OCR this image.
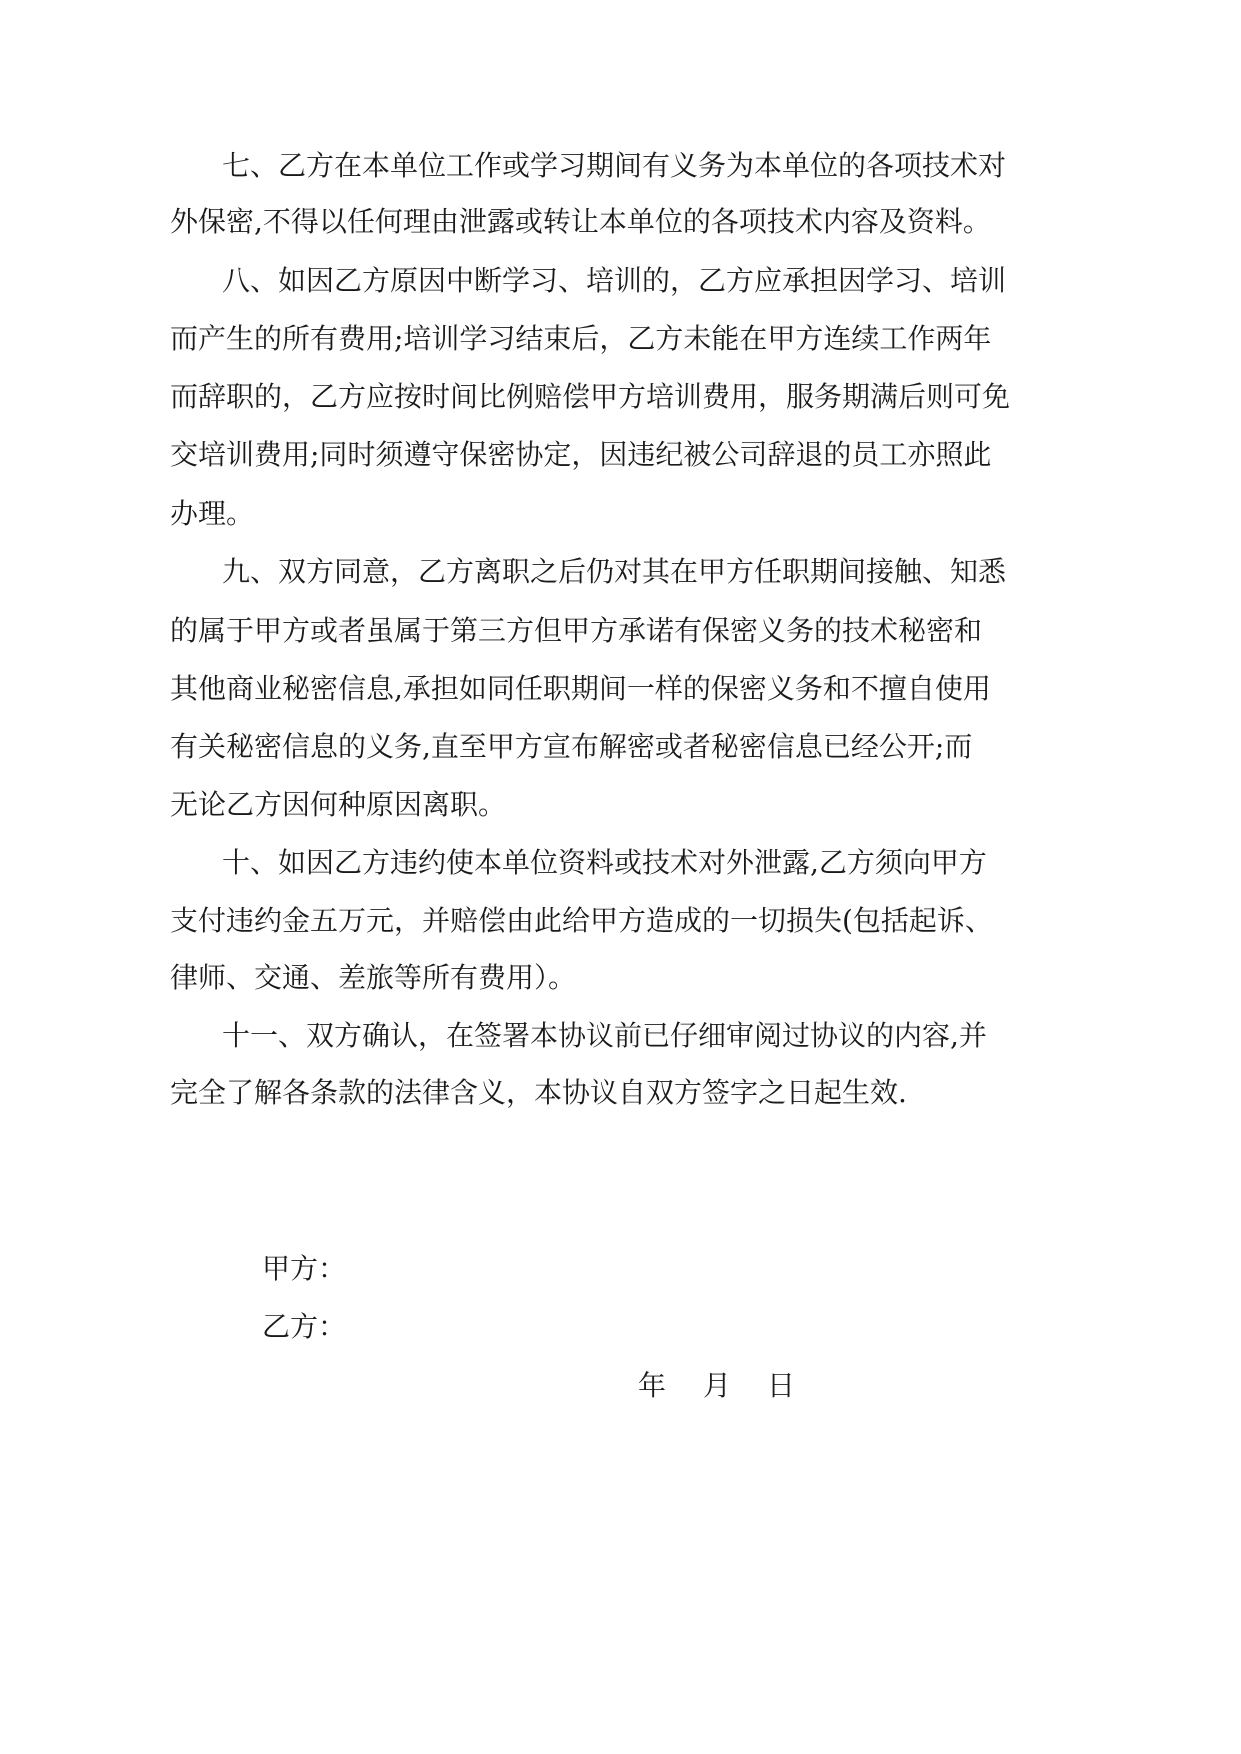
七、乙方在本单位工作或学习期间有义务为本单位的各项技术对
外保密,不得以任何理由泄露或转让本单位的各项技术内容及资料。
八、如因乙方原因中断学习、培训的，乙方应承担因学习、培训
而产生的所有费用;培训学习结束后，乙方未能在甲方连续工作两年
而辞职的，乙方应按时间比例赔偿甲方培训费用，服务期满后则可免
交培训费用;同时须遵守保密协定，因违纪被公司辞退的员工亦照此
办理。
九、双方同意，乙方离职之后仍对其在甲方任职期间接触、知悉
的属于甲方或者虽属于第三方但甲方承诺有保密义务的技术秘密和
其他商业秘密信息,承担如同任职期间一样的保密义务和不擅自使用
有关秘密信息的义务,直至甲方宣布解密或者秘密信息已经公开;而
无论乙方因何种原因离职。
十、如因乙方违约使本单位资料或技术对外泄露,乙方须向甲方
支付违约金五万元，并赔偿由此给甲方造成的一切损失(包括起诉、
律师、交通、差旅等所有费用）。
十一、双方确认，在签署本协议前已仔细审阅过协议的内容,并
完全了解各条款的法律含义，本协议自双方签字之日起生效.
甲方：
乙方：
年 月 日
